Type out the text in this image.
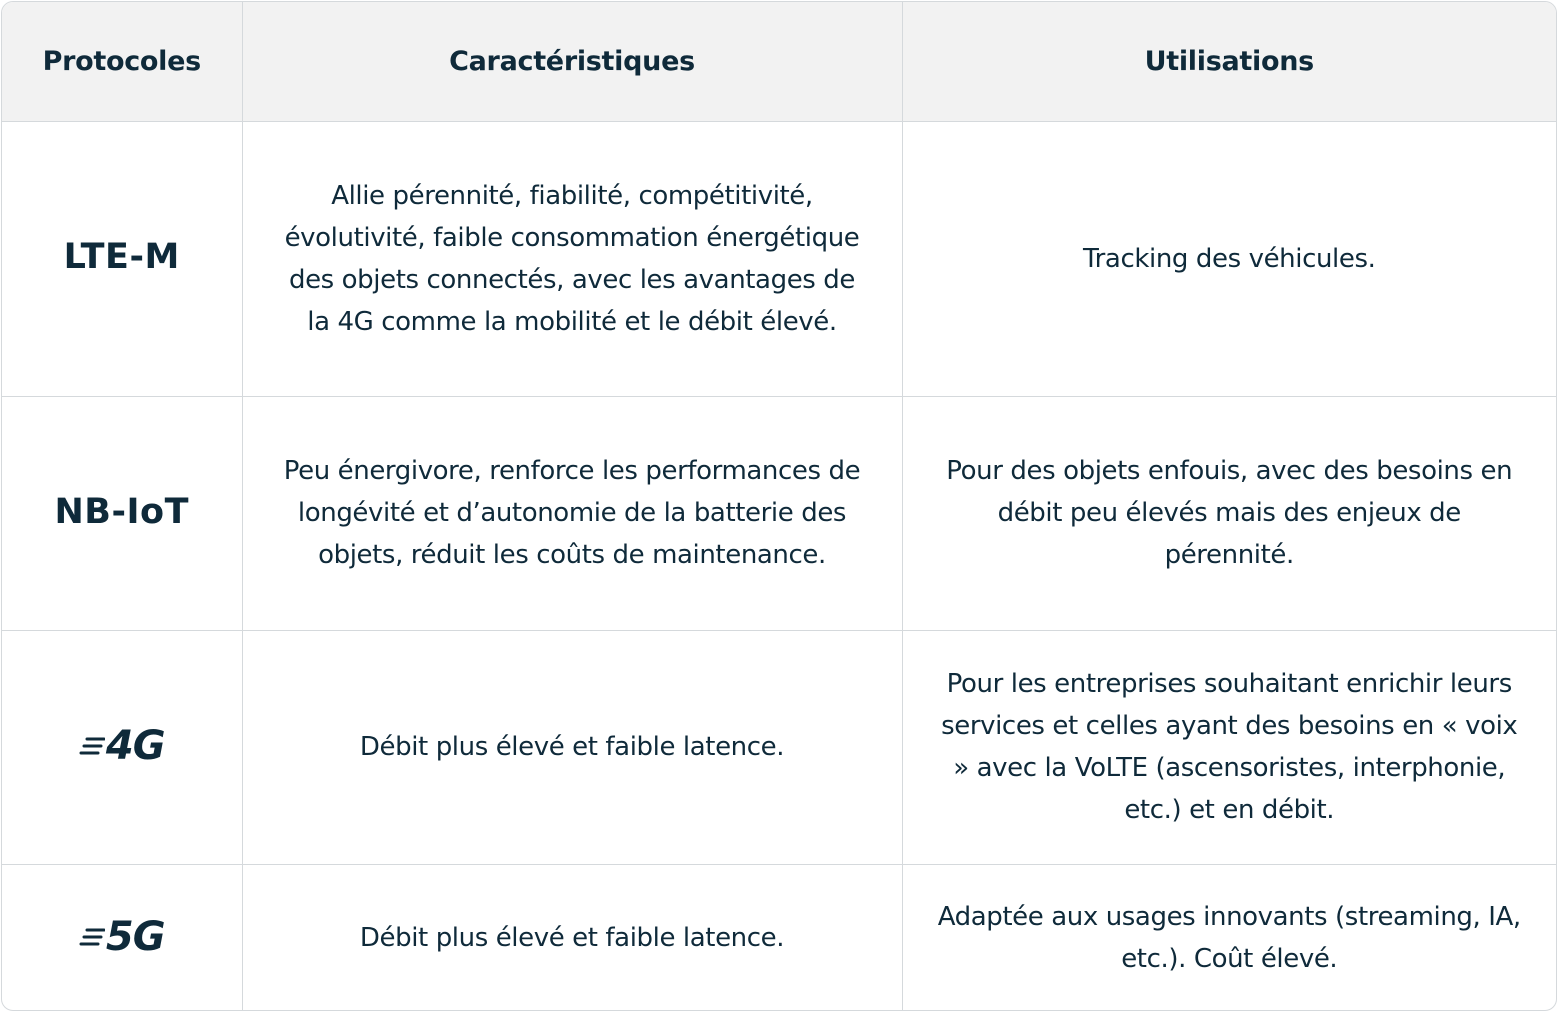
Protocoles	Caractéristiques	Utilisations
LTE-M	Allie pérennité, fiabilité, compétitivité, évolutivité, faible consommation énergétique des objets connectés, avec les avantages de la 4G comme la mobilité et le débit élevé.	Tracking des véhicules.
NB-IoT	Peu énergivore, renforce les performances de longévité et d’autonomie de la batterie des objets, réduit les coûts de maintenance.	Pour des objets enfouis, avec des besoins en débit peu élevés mais des enjeux de pérennité.

4G	Débit plus élevé et faible latence.	Pour les entreprises souhaitant enrichir leurs services et celles ayant des besoins en « voix » avec la VoLTE (ascensoristes, interphonie, etc.) et en débit.

5G	Débit plus élevé et faible latence.	Adaptée aux usages innovants (streaming, IA, etc.). Coût élevé.
